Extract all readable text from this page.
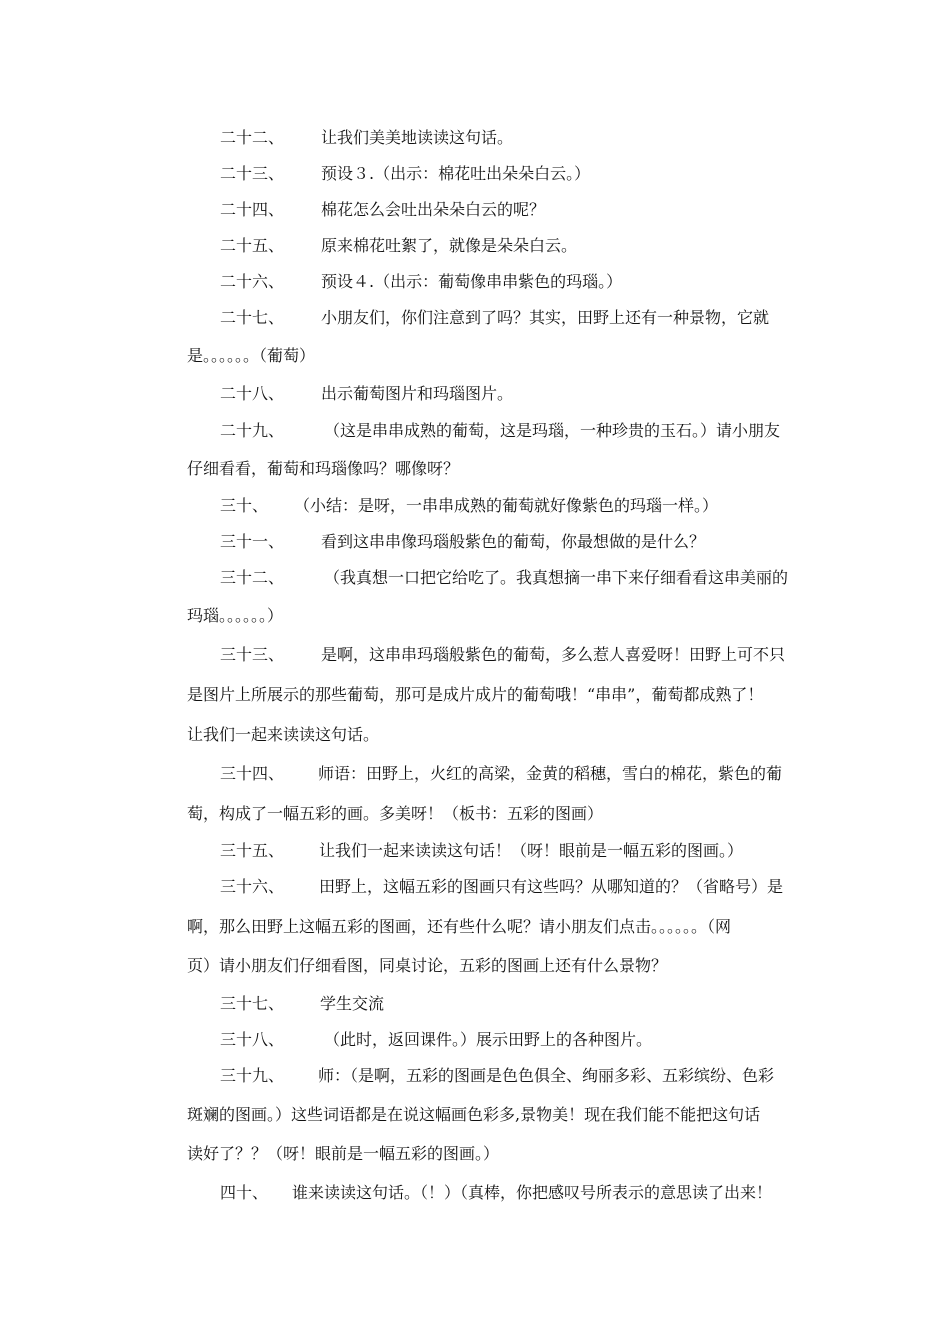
二十二、 让我们美美地读读这句话。
二十三、 预设３.（出示：棉花吐出朵朵白云。）
二十四、 棉花怎么会吐出朵朵白云的呢？
二十五、 原来棉花吐絮了，就像是朵朵白云。
二十六、 预设４.（出示：葡萄像串串紫色的玛瑙。）
二十七、 小朋友们，你们注意到了吗？其实，田野上还有一种景物，它就
是。。。。。。（葡萄）
二十八、 出示葡萄图片和玛瑙图片。
二十九、 （这是串串成熟的葡萄，这是玛瑙，一种珍贵的玉石。）请小朋友
仔细看看，葡萄和玛瑙像吗？哪像呀？
三十、 （小结：是呀，一串串成熟的葡萄就好像紫色的玛瑙一样。）
三十一、 看到这串串像玛瑙般紫色的葡萄，你最想做的是什么？
三十二、 （我真想一口把它给吃了。我真想摘一串下来仔细看看这串美丽的
玛瑙。。。。。。）
三十三、 是啊，这串串玛瑙般紫色的葡萄，多么惹人喜爱呀！田野上可不只
是图片上所展示的那些葡萄，那可是成片成片的葡萄哦！“串串”，葡萄都成熟了！
让我们一起来读读这句话。
三十四、 师语：田野上，火红的高梁，金黄的稻穗，雪白的棉花，紫色的葡
萄，构成了一幅五彩的画。多美呀！（板书：五彩的图画）
三十五、 让我们一起来读读这句话！（呀！眼前是一幅五彩的图画。）
三十六、 田野上，这幅五彩的图画只有这些吗？从哪知道的？（省略号）是
啊，那么田野上这幅五彩的图画，还有些什么呢？请小朋友们点击。。。。。。（网
页）请小朋友们仔细看图，同桌讨论，五彩的图画上还有什么景物？
三十七、 学生交流
三十八、 （此时，返回课件。）展示田野上的各种图片。
三十九、 师：（是啊，五彩的图画是色色俱全、绚丽多彩、五彩缤纷、色彩
斑斓的图画。）这些词语都是在说这幅画色彩多,景物美！现在我们能不能把这句话
读好了？？（呀！眼前是一幅五彩的图画。）
四十、 谁来读读这句话。（！）（真棒，你把感叹号所表示的意思读了出来！
